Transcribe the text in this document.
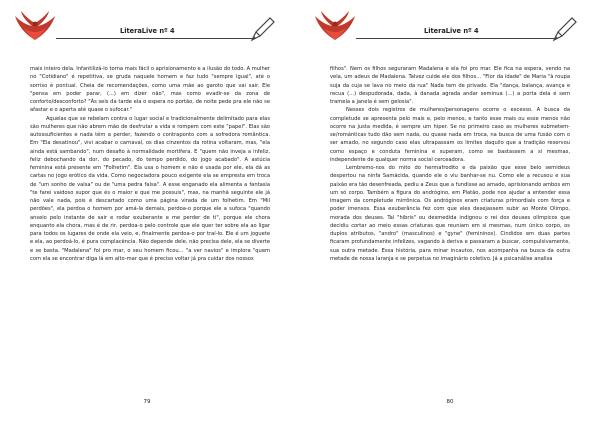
LiteraLive nº 4

mais inteiro dela. Infantilizá-lo torna mais fácil o aprisionamento e a ilusão do todo. A mulher no "Cotidiano" é repetitiva, se gruda naquele homem e faz tudo "sempre igual", até o sorriso é pontual. Cheia de recomendações, como uma mãe ao garoto que vai sair. Ele "pensa em poder parar, (...) em dizer não", mas como evadir-se da zona de conforto/desconforto? "Às seis da tarde ela o espera no portão, de noite pede pra ele não se afastar e o aperta até quase o sufocar."

Aquelas que se rebelam contra o lugar social e tradicionalmente delimitado para elas são mulheres que não abrem mão de desfrutar a vida e rompem com este "papel". Elas são autossuficientes e nada têm a perder, fazendo o contraponto com a sofredora romântica. Em "Ela desatinou", vivi acabar o carnaval, os dias cinzentos da rotina voltaram, mas, "ela ainda está sambando", num desafio à normalidade mortífera. E "quem não inveja a infeliz, feliz debochando da dor, do pecado, do tempo perdido, do jogo acabado". A astúcia feminina está presente em "Folhetim". Ela usa o homem e não é usada por ele, ela dá as cartas no jogo erótico da vida. Como negociadora pouco exigente ela se empresta em troca de "um sonho de valsa" ou de "uma pedra falsa". A esse enganado ela alimenta a fantasia "te farei vaidoso supor que és o maior e que me possuis", mas, na manhã seguinte ele já não vale nada, pois é descartado como uma página virada de um folhetim. Em "Mil perdões", ela perdoa o homem por amá-la demais, perdoa-o porque ele a sufoca "quando anseio pelo instante de sair e rodar exuberante e me perder de ti", porque ele chora enquanto ela chora, mas é de rir, perdoa-o pelo controle que ele quer ter sobre ela ao ligar para todos os lugares de onde ela veio, e, finalmente perdoa-o por traí-lo. Ele é um joguete e ela, ao perdoá-lo, é pura complacência. Não depende dele, não precisa dele, ela se diverte e se basta. "Madalena" foi pro mar, o seu homem ficou... "a ver navios" e implora "quem com ela se encontrar diga lá em alto-mar que é preciso voltar já pra cuidar dos nossos

79
LiteraLive nº 4

filhos". Nem os filhos seguraram Madalena e ela foi pro mar. Ele fica na espera, vendo na vela, um adeus de Madalena. Talvez cuide ele dos filhos... "Flor da idade" de Maria "à roupa suja da cuja se lava no meio da rua" Nada tem de privado. Ela "dança, balança, avança e recua (...) despudorada, dada, à danada agrada andar seminua (...) a porta dela é sem tramela a janela é sem gelosia".

Nesses dois registros de mulheres/personagens ocorre o excesso. A busca da completude se apresenta pelo mais e, pelo menos, e tanto esse mais ou esse menos não ocorre na justa medida, é sempre um hiper. Se no primeiro caso as mulheres submetem-se/románticas tudo dão sem nada, ou quase nada em troca, na busca de uma fusão com o ser amado, no segundo caso elas ultrapassam os limites daquilo que a tradição reservou como espaço e conduta feminina e superam, como se bastassem a si mesmas, independente de qualquer norma social cerceadora.

Lembremo-nos do mito do hermafrodito e da paixão que esse belo semideus despertou na ninfa Samácida, quando ele o viu banhar-se nu. Como ele a recusou e sua paixão era tão desenfreada, pediu a Zeus que a fundisse ao amado, aprisionando ambos em um só corpo. Também a figura do andrógino, em Platão, pode nos ajudar a entender essa imagem da completude mirrônica. Os andróginos eram criaturas primordiais com força e poder imensos. Essa exuberância fez com que eles desejassem subir ao Monte Olimpo, morada dos deuses. Tal "hibris" ou desmedida indignou o rei dos deuses olímpicos que decidiu cortar ao meio essas criaturas que reuniam em si mesmas, num único corpo, os duplos atributos, "andro" (masculinos) e "gyne" (femininos). Cindidos em duas partes ficaram profundamente infelizes, vagando à deriva e passaram a buscar, compulsivamente, sua outra metade. Essa história, para minar incautos, nos acompanha na busca da outra metade de nossa laranja e se perpetua no imaginário coletivo. Já a psicanálise analisa

80
